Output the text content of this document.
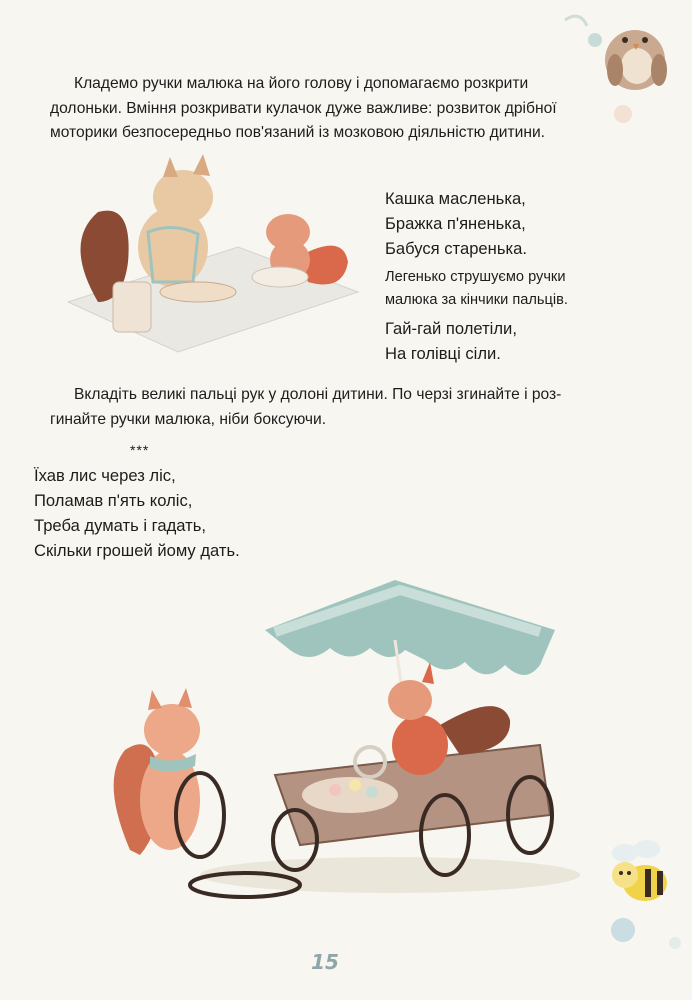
Кладемо ручки малюка на його голову і допомагаємо розкрити
долоньки. Вміння розкривати кулачок дуже важливе: розвиток дрібної
моторики безпосередньо пов'язаний із мозковою діяльністю дитини.
Кашка масленька,
Бражка п'яненька,
Бабуся старенька.
Легенько струшуємо ручки
малюка за кінчики пальців.
Гай-гай полетіли,
На голівці сіли.
Вкладіть великі пальці рук у долоні дитини. По черзі згинайте і роз-
гинайте ручки малюка, ніби боксуючи.
***
Їхав лис через ліс,
Поламав п'ять коліс,
Треба думать і гадать,
Скільки грошей йому дать.
15
